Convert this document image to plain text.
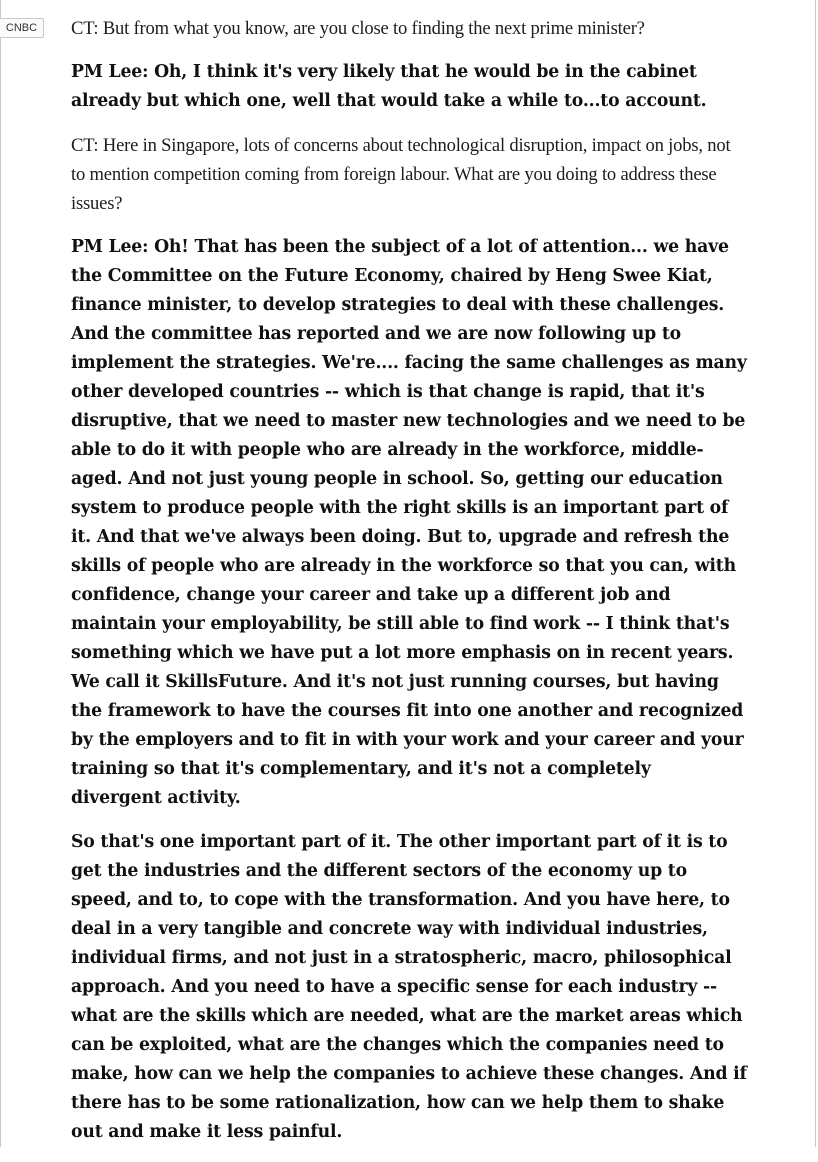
CNBC	CT: But from what you know, are you close to finding the next prime minister?

PM Lee: Oh, I think it's very likely that he would be in the cabinet already but which one, well that would take a while to...to account.

CT: Here in Singapore, lots of concerns about technological disruption, impact on jobs, not to mention competition coming from foreign labour. What are you doing to address these issues?

PM Lee: Oh! That has been the subject of a lot of attention... we have the Committee on the Future Economy, chaired by Heng Swee Kiat, finance minister, to develop strategies to deal with these challenges. And the committee has reported and we are now following up to implement the strategies. We're.... facing the same challenges as many other developed countries -- which is that change is rapid, that it's disruptive, that we need to master new technologies and we need to be able to do it with people who are already in the workforce, middle-aged. And not just young people in school. So, getting our education system to produce people with the right skills is an important part of it. And that we've always been doing. But to, upgrade and refresh the skills of people who are already in the workforce so that you can, with confidence, change your career and take up a different job and maintain your employability, be still able to find work -- I think that's something which we have put a lot more emphasis on in recent years. We call it SkillsFuture. And it's not just running courses, but having the framework to have the courses fit into one another and recognized by the employers and to fit in with your work and your career and your training so that it's complementary, and it's not a completely divergent activity.

So that's one important part of it. The other important part of it is to get the industries and the different sectors of the economy up to speed, and to, to cope with the transformation. And you have here, to deal in a very tangible and concrete way with individual industries, individual firms, and not just in a stratospheric, macro, philosophical approach. And you need to have a specific sense for each industry -- what are the skills which are needed, what are the market areas which can be exploited, what are the changes which the companies need to make, how can we help the companies to achieve these changes. And if there has to be some rationalization, how can we help them to shake out and make it less painful.
